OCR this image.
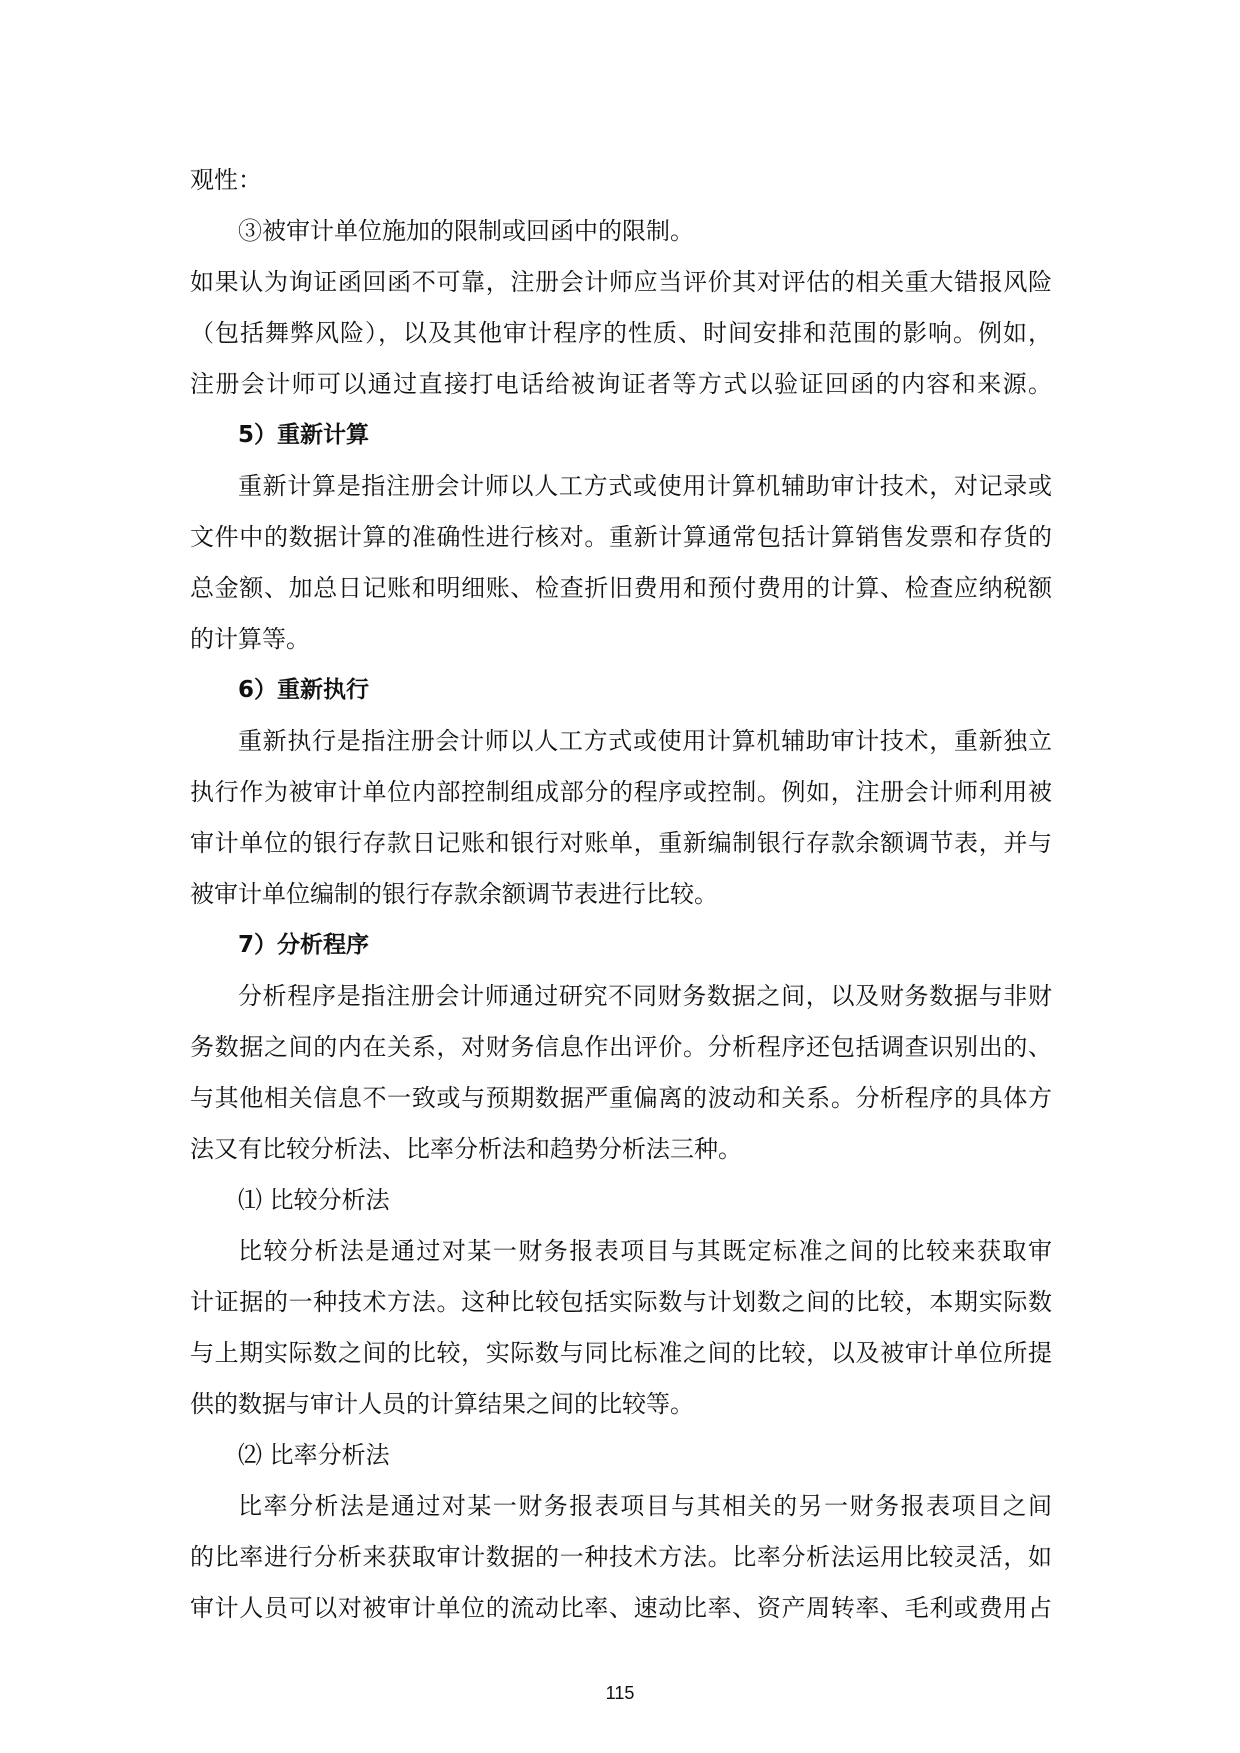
观性：
③被审计单位施加的限制或回函中的限制。
如果认为询证函回函不可靠，注册会计师应当评价其对评估的相关重大错报风险
（包括舞弊风险），以及其他审计程序的性质、时间安排和范围的影响。例如，
注册会计师可以通过直接打电话给被询证者等方式以验证回函的内容和来源。
5）重新计算
重新计算是指注册会计师以人工方式或使用计算机辅助审计技术，对记录或
文件中的数据计算的准确性进行核对。重新计算通常包括计算销售发票和存货的
总金额、加总日记账和明细账、检查折旧费用和预付费用的计算、检查应纳税额
的计算等。
6）重新执行
重新执行是指注册会计师以人工方式或使用计算机辅助审计技术，重新独立
执行作为被审计单位内部控制组成部分的程序或控制。例如，注册会计师利用被
审计单位的银行存款日记账和银行对账单，重新编制银行存款余额调节表，并与
被审计单位编制的银行存款余额调节表进行比较。
7）分析程序
分析程序是指注册会计师通过研究不同财务数据之间，以及财务数据与非财
务数据之间的内在关系，对财务信息作出评价。分析程序还包括调查识别出的、
与其他相关信息不一致或与预期数据严重偏离的波动和关系。分析程序的具体方
法又有比较分析法、比率分析法和趋势分析法三种。
⑴ 比较分析法
比较分析法是通过对某一财务报表项目与其既定标准之间的比较来获取审
计证据的一种技术方法。这种比较包括实际数与计划数之间的比较，本期实际数
与上期实际数之间的比较，实际数与同比标准之间的比较，以及被审计单位所提
供的数据与审计人员的计算结果之间的比较等。
⑵ 比率分析法
比率分析法是通过对某一财务报表项目与其相关的另一财务报表项目之间
的比率进行分析来获取审计数据的一种技术方法。比率分析法运用比较灵活，如
审计人员可以对被审计单位的流动比率、速动比率、资产周转率、毛利或费用占
115
